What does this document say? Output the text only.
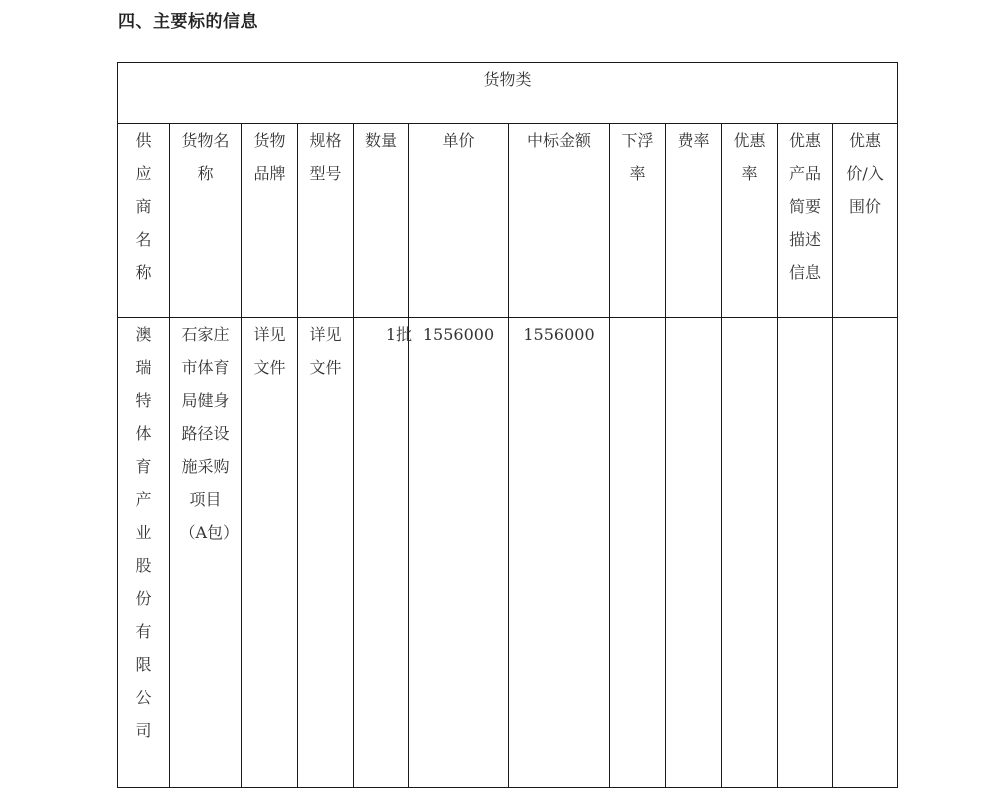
四、主要标的信息
货物类											

供应商名称	货物名称	货物品牌	规格型号	数量	单价	中标金额	下浮率	费率	优惠率	优惠产品简要描述信息	优惠价/入围价

澳瑞特体育产业股份有限公司	石家庄市体育局健身路径设施采购项目（A包）	详见文件	详见文件	1批	1556000	1556000					
